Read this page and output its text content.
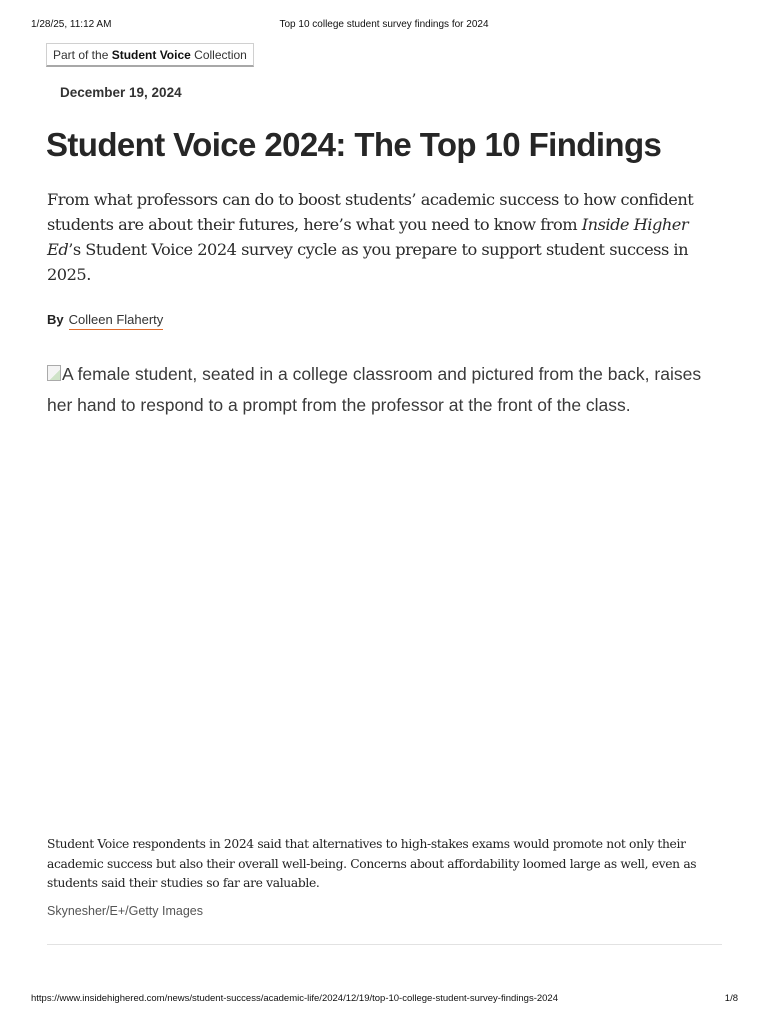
1/28/25, 11:12 AM	Top 10 college student survey findings for 2024
Part of the Student Voice Collection
December 19, 2024
Student Voice 2024: The Top 10 Findings

From what professors can do to boost students’ academic success to how confident students are about their futures, here’s what you need to know from Inside Higher Ed’s Student Voice 2024 survey cycle as you prepare to support student success in 2025.

By Colleen Flaherty
A female student, seated in a college classroom and pictured from the back, raises her hand to respond to a prompt from the professor at the front of the class.

Student Voice respondents in 2024 said that alternatives to high-stakes exams would promote not only their academic success but also their overall well-being. Concerns about affordability loomed large as well, even as students said their studies so far are valuable.

Skynesher/E+/Getty Images
https://www.insidehighered.com/news/student-success/academic-life/2024/12/19/top-10-college-student-survey-findings-2024	1/8
